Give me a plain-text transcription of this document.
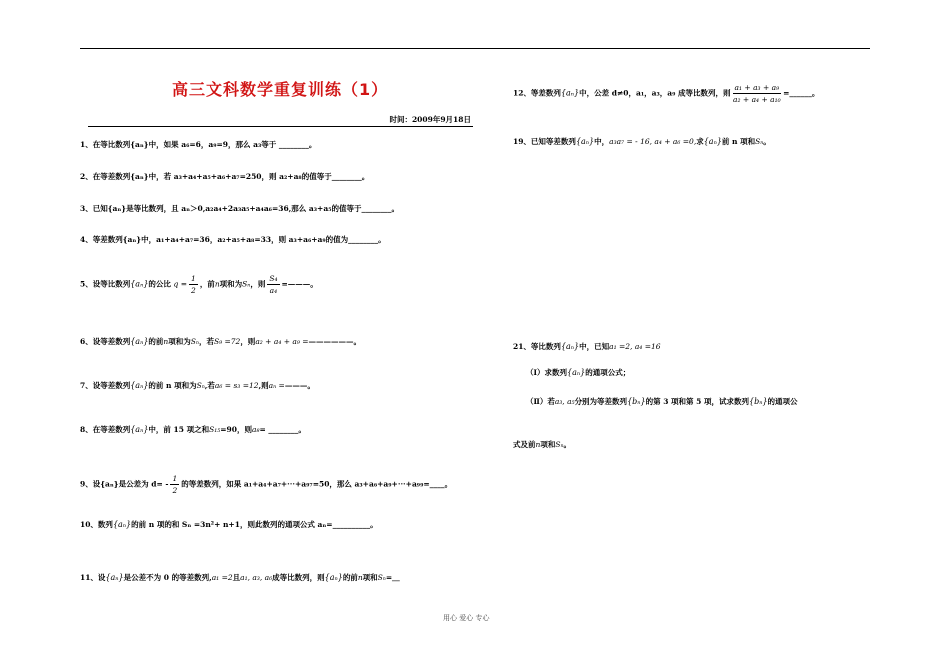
高三文科数学重复训练（1）
时间：2009年9月18日
1、在等比数列{aₙ}中，如果 a₆=6，a₉=9，那么 a₃等于 ________。
2、在等差数列{aₙ}中，若 a₃+a₄+a₅+a₆+a₇=250，则 a₂+a₈的值等于________。
3、已知{aₙ}是等比数列，且 aₙ＞0,a₂a₄+2a₃a₅+a₄a₆=36,那么 a₃+a₅的值等于________。
4、等差数列{aₙ}中，a₁+a₄+a₇=36，a₂+a₅+a₈=33，则 a₃+a₆+a₉的值为________。
5、设等比数列{aₙ}的公比 $q = \frac{1}{2}$ ，前n项和为Sₙ，则 $\frac{\text{S₄}}{\text{a₄}}$ =———。
6、设等差数列{aₙ}的前n项和为Sₙ，若S₉ =72，则a₂ + a₄ + a₉ =——————。
7、设等差数列{aₙ}的前 n 项和为Sₙ,若a₆ = s₃ =12,则aₙ =———。
8、在等差数列{aₙ}中，前 15 项之和S₁₅=90，则a₈= ________。
9、设{aₙ}是公差为 $d= - \frac{1}{2}$ 的等差数列，如果 a₁+a₄+a₇+···+a₉₇=50，那么 a₃+a₆+a₉+···+a₉₉=____。
10、数列{aₙ}的前 n 项的和 Sₙ =3n²+ n+1，则此数列的通项公式 aₙ=__________。
11、设{aₙ}是公差不为 0 的等差数列,a₁ =2且a₁, a₃, a₆成等比数列，则{aₙ}的前n项和Sₙ=＿
12、等差数列{aₙ}中，公差 d≠0，a₁，a₃，a₉ 成等比数列，则 $\frac{\text{a₁ + a₃ + a₉}}{\text{a₂ + a₄ + a₁₀}}$ =______。
19、已知等差数列{aₙ}中，a₃a₇ = - 16, a₄ + a₆ =0,求{aₙ}前 n 项和Sₙ。
21、等比数列{aₙ}中，已知a₁ =2, a₄ =16
（I）求数列{aₙ}的通项公式；
（Ⅱ）若a₃, a₅分别为等差数列{bₙ}的第 3 项和第 5 项，试求数列{bₙ}的通项公
式及前n项和Sₙ。
用心 爱心 专心
